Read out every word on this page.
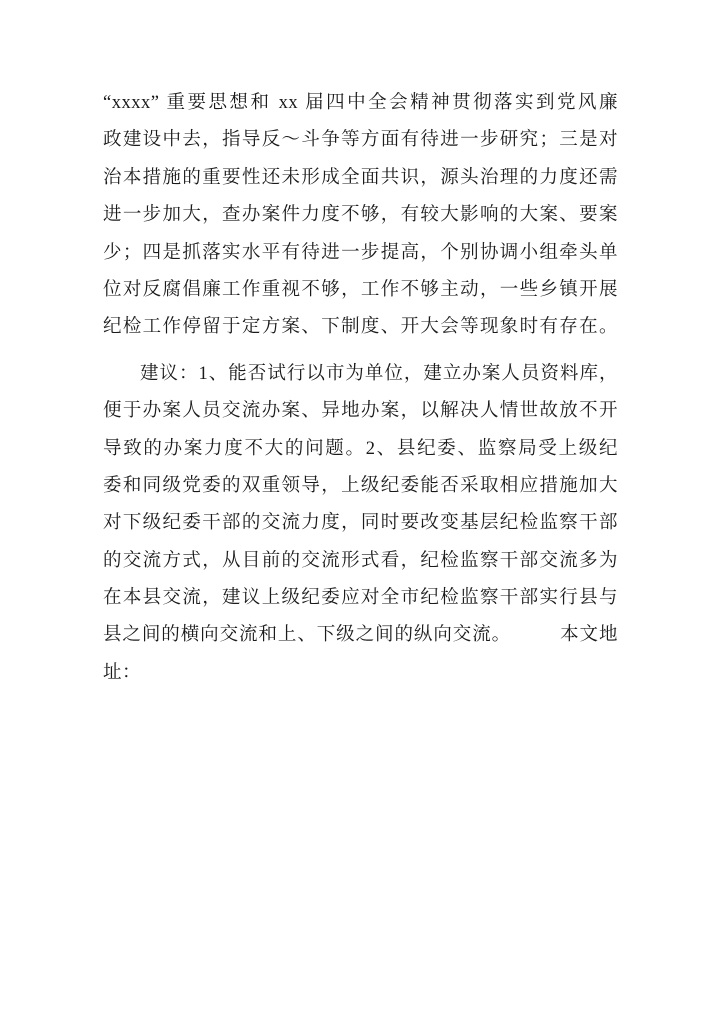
“xxxx” 重要思想和 xx 届四中全会精神贯彻落实到党风廉
政建设中去，指导反～斗争等方面有待进一步研究；三是对
治本措施的重要性还未形成全面共识，源头治理的力度还需
进一步加大，查办案件力度不够，有较大影响的大案、要案
少；四是抓落实水平有待进一步提高，个别协调小组牵头单
位对反腐倡廉工作重视不够，工作不够主动，一些乡镇开展
纪检工作停留于定方案、下制度、开大会等现象时有存在。
建议：1、能否试行以市为单位，建立办案人员资料库，
便于办案人员交流办案、异地办案，以解决人情世故放不开
导致的办案力度不大的问题。2、县纪委、监察局受上级纪
委和同级党委的双重领导，上级纪委能否采取相应措施加大
对下级纪委干部的交流力度，同时要改变基层纪检监察干部
的交流方式，从目前的交流形式看，纪检监察干部交流多为
在本县交流，建议上级纪委应对全市纪检监察干部实行县与
县之间的横向交流和上、下级之间的纵向交流。　　　本文地
址：
